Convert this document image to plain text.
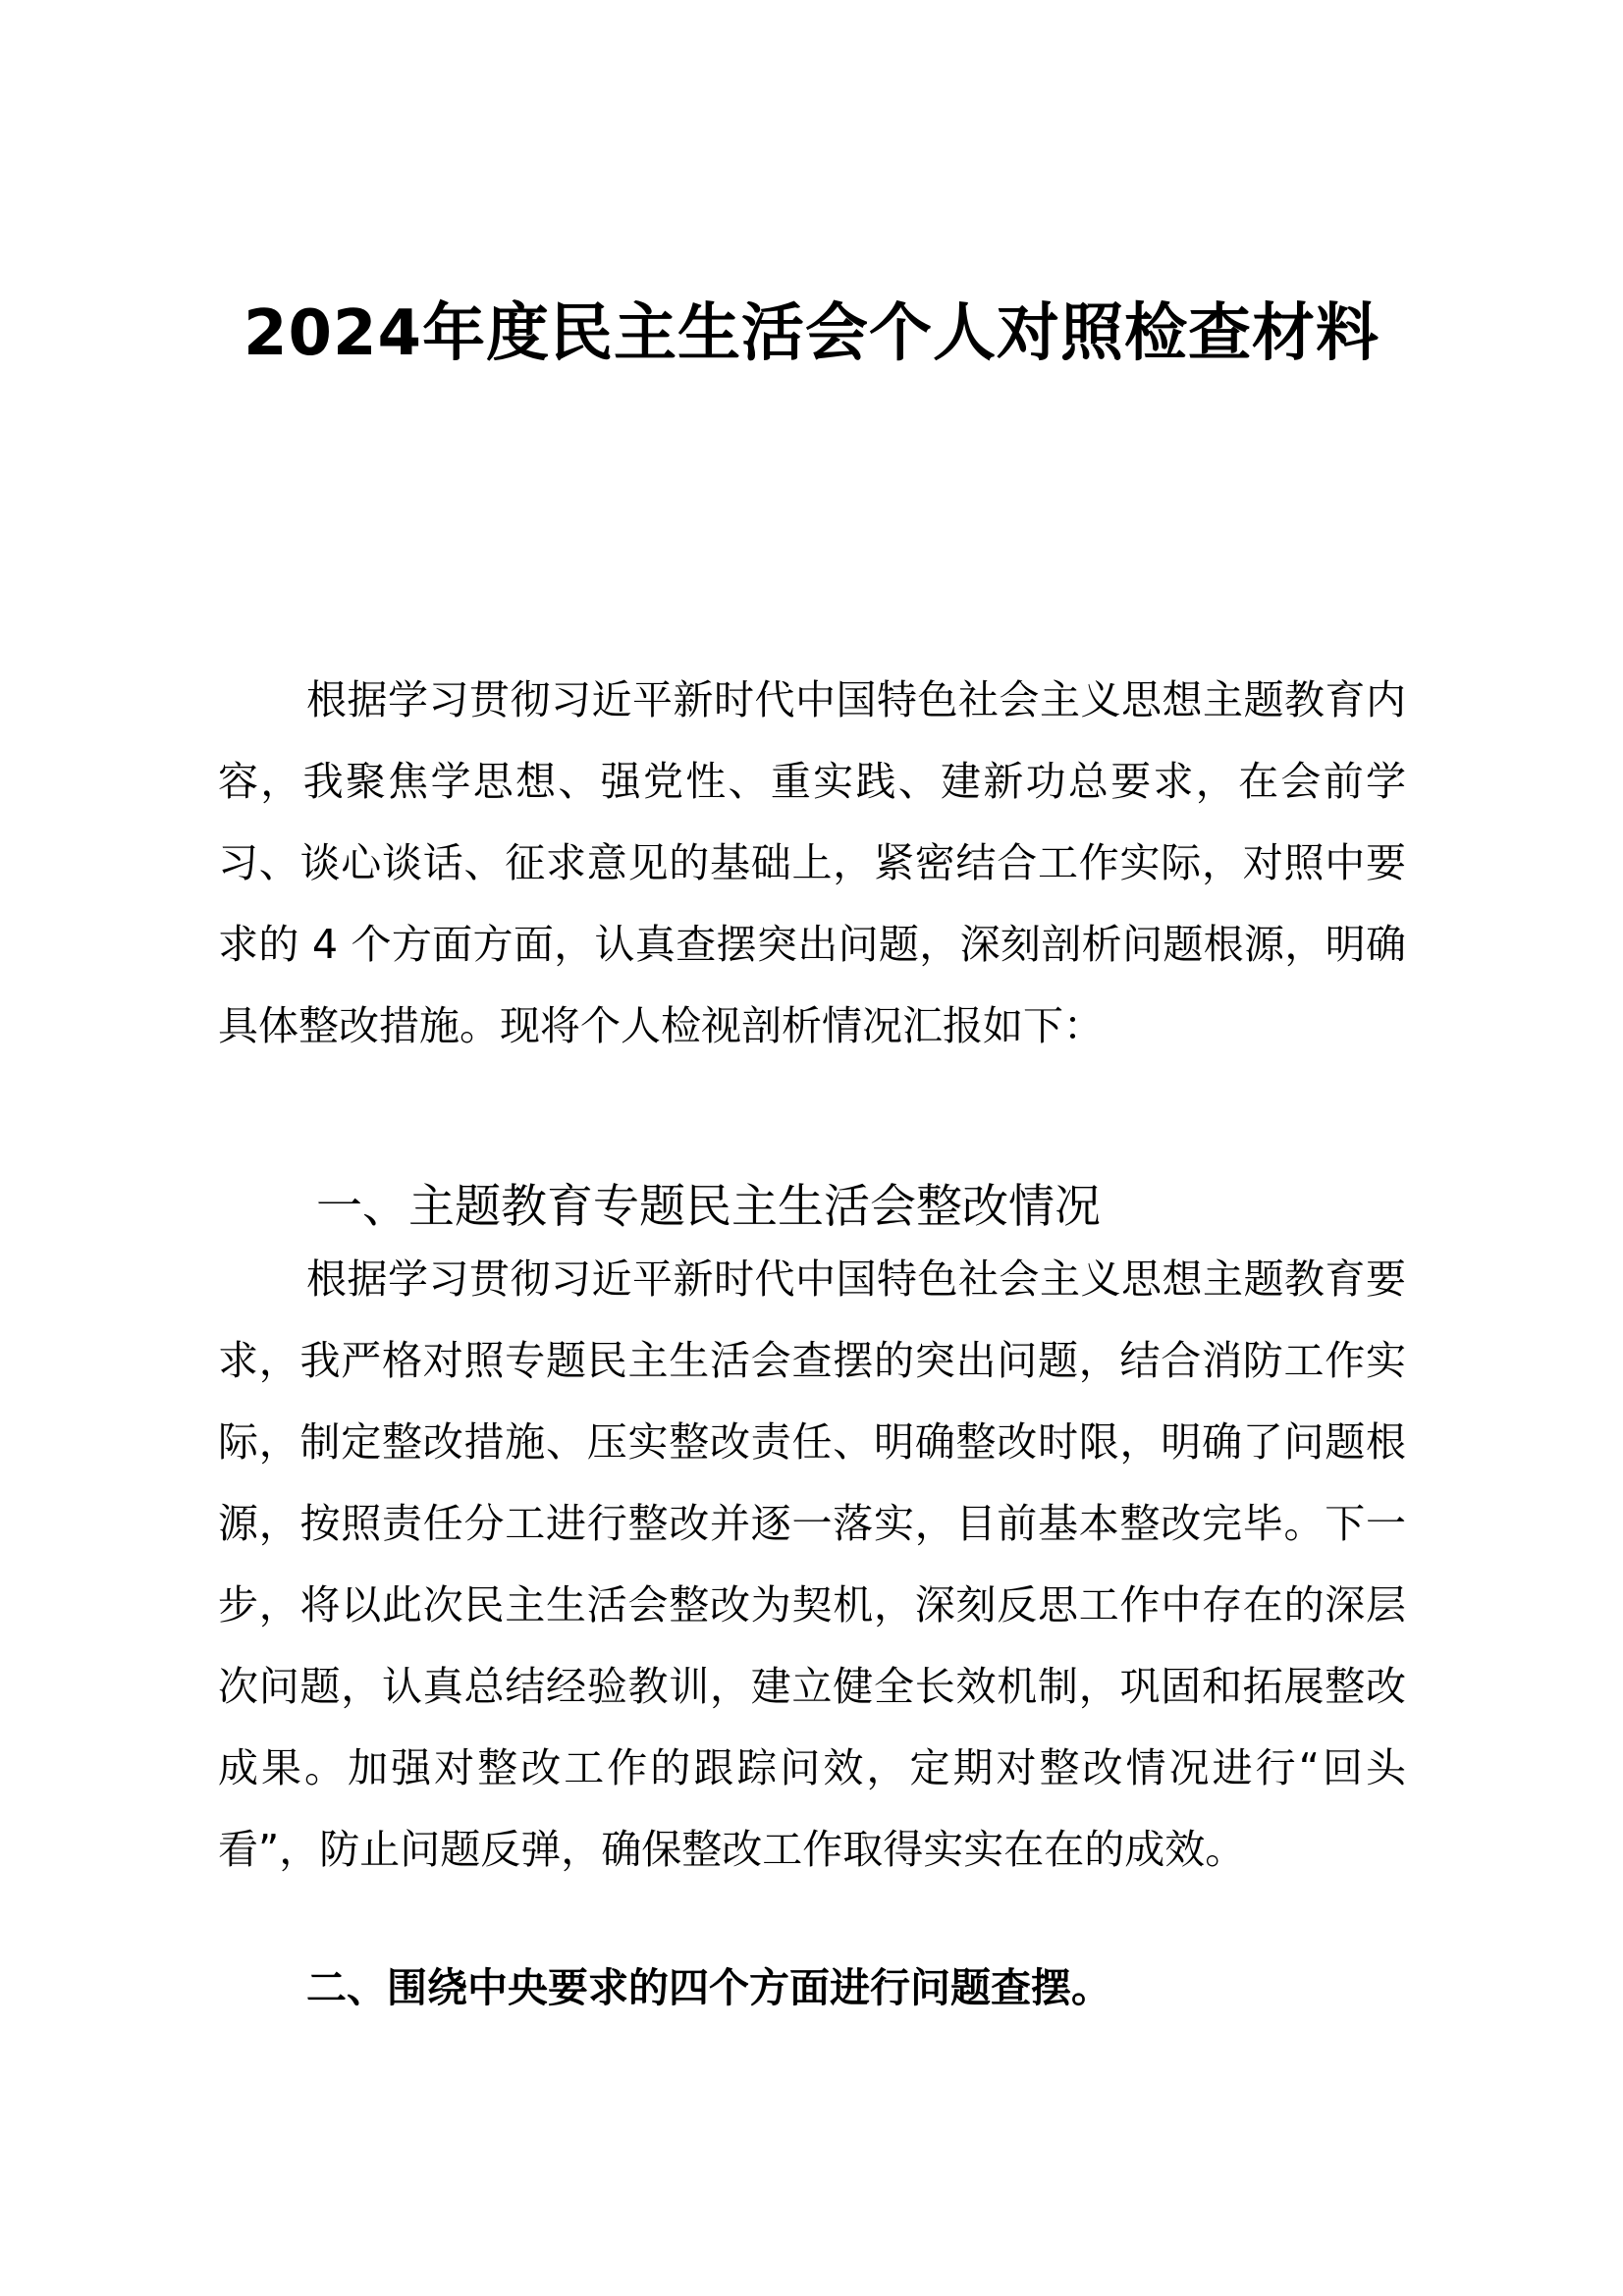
2024年度民主生活会个人对照检查材料

根据学习贯彻习近平新时代中国特色社会主义思想主题教育内容，我聚焦学思想、强党性、重实践、建新功总要求，在会前学习、谈心谈话、征求意见的基础上，紧密结合工作实际，对照中要求的 4 个方面方面，认真查摆突出问题，深刻剖析问题根源，明确具体整改措施。现将个人检视剖析情况汇报如下：

一、主题教育专题民主生活会整改情况

根据学习贯彻习近平新时代中国特色社会主义思想主题教育要求，我严格对照专题民主生活会查摆的突出问题，结合消防工作实际，制定整改措施、压实整改责任、明确整改时限，明确了问题根源，按照责任分工进行整改并逐一落实，目前基本整改完毕。下一步，将以此次民主生活会整改为契机，深刻反思工作中存在的深层次问题，认真总结经验教训，建立健全长效机制，巩固和拓展整改成果。加强对整改工作的跟踪问效，定期对整改情况进行“回头看”，防止问题反弹，确保整改工作取得实实在在的成效。

二、围绕中央要求的四个方面进行问题查摆。
